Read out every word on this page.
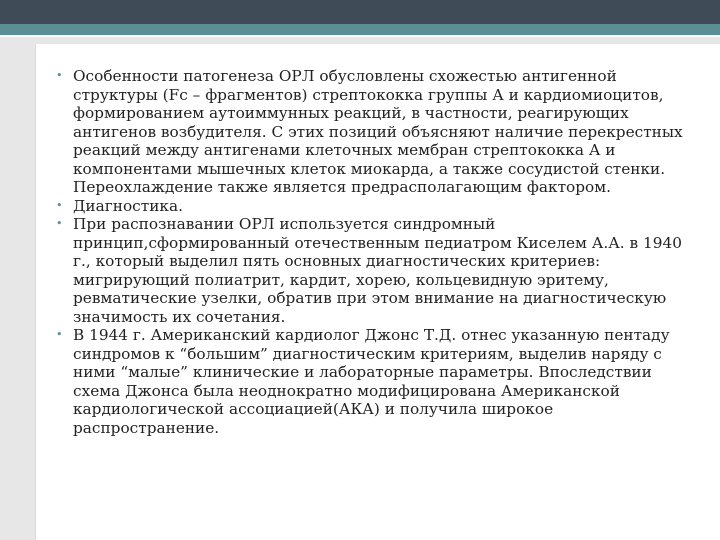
• Особенности патогенеза ОРЛ обусловлены схожестью антигенной структуры (Fc – фрагментов) стрептококка группы А и кардиомиоцитов, формированием аутоиммунных реакций, в частности, реагирующих антигенов возбудителя. С этих позиций объясняют наличие перекрестных реакций между антигенами клеточных мембран стрептококка А и компонентами мышечных клеток миокарда, а также сосудистой стенки. Переохлаждение также является предрасполагающим фактором.
• Диагностика.
• При распознавании ОРЛ используется синдромный принцип,сформированный отечественным педиатром Киселем А.А. в 1940 г., который выделил пять основных диагностических критериев: мигрирующий полиатрит, кардит, хорею, кольцевидную эритему, ревматические узелки, обратив при этом внимание на диагностическую значимость их сочетания.
• В 1944 г. Американский кардиолог Джонс Т.Д. отнес указанную пентаду синдромов к “большим” диагностическим критериям, выделив наряду с ними “малые” клинические и лабораторные параметры. Впоследствии схема Джонса была неоднократно модифицирована Американской кардиологической ассоциацией(АКА) и получила широкое распространение.
